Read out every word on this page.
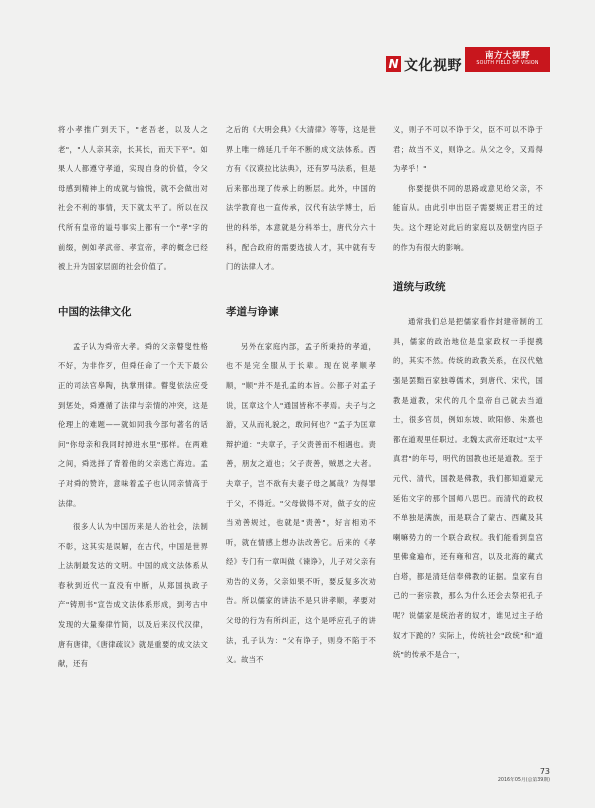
N 文化视野
南方大视野
SOUTH FIELD OF VISION

将小孝推广到天下，"老吾老，以及人之老"，"人人亲其亲，长其长，而天下平"。如果人人都遵守孝道，实现自身的价值，令父母感到精神上的成就与愉悦，就不会做出对社会不利的事情，天下就太平了。所以在汉代所有皇帝的谥号事实上都有一个"孝"字的前缀，例如孝武帝、孝宣帝，孝的概念已经被上升为国家层面的社会价值了。

中国的法律文化

孟子认为舜帝大孝。舜的父亲瞽叟性格不好，为非作歹，但舜任命了一个天下最公正的司法官皋陶，执掌刑律。瞽叟依法应受到惩处，舜遵循了法律与亲情的冲突，这是伦理上的难题——就如同我今部句著名的话问"你母亲和我同时掉进水里"那样。在两难之间，舜选择了背着他的父亲逃亡海边。孟子对舜的赞许，意味着孟子也认同亲情高于法律。

很多人认为中国历来是人治社会，法制不彰，这其实是误解，在古代，中国是世界上法制最发达的文明。中国的成文法体系从春秋到近代一直没有中断，从郑国执政子产"铸刑书"宣告成文法体系形成，到考古中发现的大量秦律竹简，以及后来汉代汉律，唐有唐律，《唐律疏议》就是重要的成文法文献，还有

之后的《大明会典》《大清律》等等，这是世界上唯一绵延几千年不断的成文法体系。西方有《汉谟拉比法典》，还有罗马法系，但是后来都出现了传承上的断层。此外，中国的法学教育也一直传承，汉代有法学博士，后世的科举，本意就是分科举士，唐代分六十科，配合政府的需要选拔人才，其中就有专门的法律人才。

孝道与诤谏

另外在家庭内部，孟子所秉持的孝道，也不是完全服从于长辈。现在说孝顺孝顺，"顺"并不是孔孟的本旨。公都子对孟子说，匡章这个人"通国皆称不孝焉。夫子与之游，又从而礼貌之，敢问何也？"孟子为匡章辩护道："夫章子，子父责善而不相遇也。责善，朋友之道也；父子责善，贼恩之大者。夫章子，岂不欲有夫妻子母之属哉？为得罪于父，不得近。"父母做得不对，做子女的应当劝善规过，也就是"责善"，好言相劝不听，就在情感上想办法改善它。后来的《孝经》专门有一章叫做《谏诤》，儿子对父亲有劝告的义务，父亲如果不听，要反复多次劝告。所以儒家的讲法不是只讲孝顺，孝要对父母的行为有所纠正，这个是呼应孔子的讲法，孔子认为："父有诤子，则身不陷于不义。故当不

义，则子不可以不诤于父，臣不可以不诤于君；故当不义，则诤之。从父之令，又焉得为孝乎！"

你要提供不同的思路或意见给父亲，不能盲从。由此引申出臣子需要规正君王的过失。这个理论对此后的家庭以及朝堂内臣子的作为有很大的影响。

道统与政统

通常我们总是把儒家看作封建帝制的工具，儒家的政治地位是皇家政权一手提携的，其实不然。传统的政教关系，在汉代勉强是罢黜百家独尊儒术，到唐代、宋代，国教是道教，宋代的几个皇帝自己就去当道士，很多官员，例如东坡、欧阳修、朱熹也都在道观里任职过。北魏太武帝还取过"太平真君"的年号，明代的国教也还是道教。至于元代、清代，国教是佛教，我们都知道蒙元延佑文字的那个国师八思巴。而清代的政权不单独是满族，而是联合了蒙古、西藏及其喇嘛势力的一个联合政权。我们能看到皇宫里佛龛遍布，还有雍和宫，以及北海的藏式白塔，都是清廷信奉佛教的证据。皇家有自己的一套宗教，那么为什么还会去祭祀孔子呢？说儒家是统治者的奴才，谁见过主子给奴才下跪的？实际上，传统社会"政统"和"道统"的传承不是合一，

73
2016年05月(总第39期)
